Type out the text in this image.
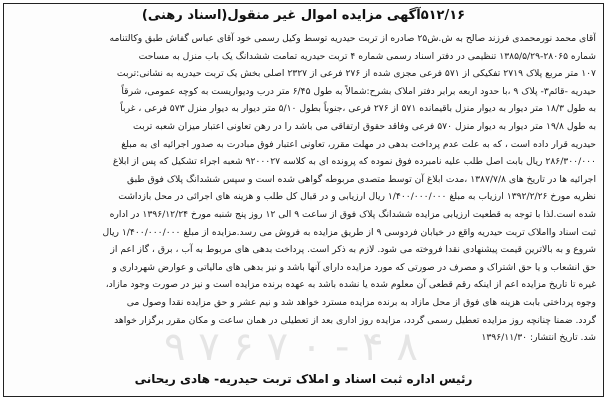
۵۱۲/۱۶آگهی مزایده اموال غیر منقول(اسناد رهنی)
آقای محمد نورمحمدی فرزند صالح به ش.ش۲۵ صادره از تربت حیدریه توسط وکیل رسمی خود آقای عباس گفاش طبق وکالتنامه
شماره ۲۸۰۶۵-۱۳۸۵/۵/۲۹ تنظیمی در دفتر اسناد رسمی شماره ۴ تربت حیدریه تمامت ششدانگ یک باب منزل به مساحت
۱۰۷ متر مربع پلاک ۲۷۱۹ تفکیکی از ۵۷۱ فرعی مجزی شده از ۲۷۶ فرعی از ۲۳۲۷ اصلی بخش یک تربت حیدریه به نشانی:تربت
حیدریه -قائم۳- پلاک ۹ ،با حدود اربعه برابر دفتر املاک بشرح:شمالاً به طول ۶/۴۵ متر درب ودیواریست به کوچه عمومی، شرقاً
به طول ۱۸/۳ متر دیوار به دیوار منزل باقیمانده ۵۷۱ از ۲۷۶ فرعی ،جنوباً بطول ۵/۱۰ متر دیوار به دیوار منزل ۵۷۳ فرعی ، غرباً
به طول ۱۹/۸ متر دیوار به دیوار منزل ۵۷۰ فرعی وفاقد حقوق ارتفاقی می باشد را در رهن تعاونی اعتبار میزان شعبه تربت
حیدریه قرار داده است ، که به علت عدم پرداخت بدهی در مهلت مقرر، تعاونی اعتبار فوق مبادرت به صدور اجرائیه ای به مبلغ
۲۸۶/۳۰۰/۰۰۰ ریال بابت اصل طلب علیه نامبرده فوق نموده که پرونده ای به کلاسه ۹۲۰۰۰۲۷ شعبه اجراء تشکیل که پس از ابلاغ
اجرائیه ها در تاریخ های ۱۳۸۷/۷/۸ ،مدت ابلاغ آن توسط متصدی مربوطه گواهی شده است و سپس ششدانگ پلاک فوق طبق
نظریه مورخ ۱۳۹۲/۲/۲۶ ارزیاب به مبلغ ۱/۴۰۰/۰۰۰/۰۰۰ ریال ارزیابی و در قبال کل طلب و هزینه های اجرائی در محل بازداشت
شده است.لذا با توجه به قطعیت ارزیابی مزایده ششدانگ پلاک فوق از ساعت ۹ الی ۱۲ روز پنج شنبه مورخ ۱۳۹۶/۱۲/۲۴ در اداره
ثبت اسناد وااملاک تربت حیدریه واقع در خیابان فردوسی ۹ از طریق مزایده به فروش می رسد.مزایده از مبلغ ۱/۴۰۰/۰۰۰/۰۰۰ ریال
شروع و به بالاترین قیمت پیشنهادی نقدا فروخته می شود. لازم به ذکر است. پرداخت بدهی های مربوط به آب ، برق ، گاز اعم از
حق انشعاب و یا حق اشتراک و مصرف در صورتی که مورد مزایده دارای آنها باشد و نیز بدهی های مالیاتی و عوارض شهرداری و
غیره تا تاریخ مزایده اعم از اینکه رقم قطعی آن معلوم شده یا نشده باشد به عهده برنده مزایده است و نیز در صورت وجود مازاد،
وجوه پرداختی بابت هزینه های فوق از محل مازاد به برنده مزایده مسترد خواهد شد و نیم عشر و حق مزایده نقدا وصول می
گردد. ضمنا چنانچه روز مزایده تعطیل رسمی گردد، مزایده روز اداری بعد از تعطیلی در همان ساعت و مکان مقرر برگزار خواهد
شد. تاریخ انتشار: ۱۳۹۶/۱۱/۳۰
۹ ۷ ۶ ۷ ۰ - ۴ ۸
رئیس اداره ثبت اسناد و املاک تربت حیدریه- هادی ریحانی
